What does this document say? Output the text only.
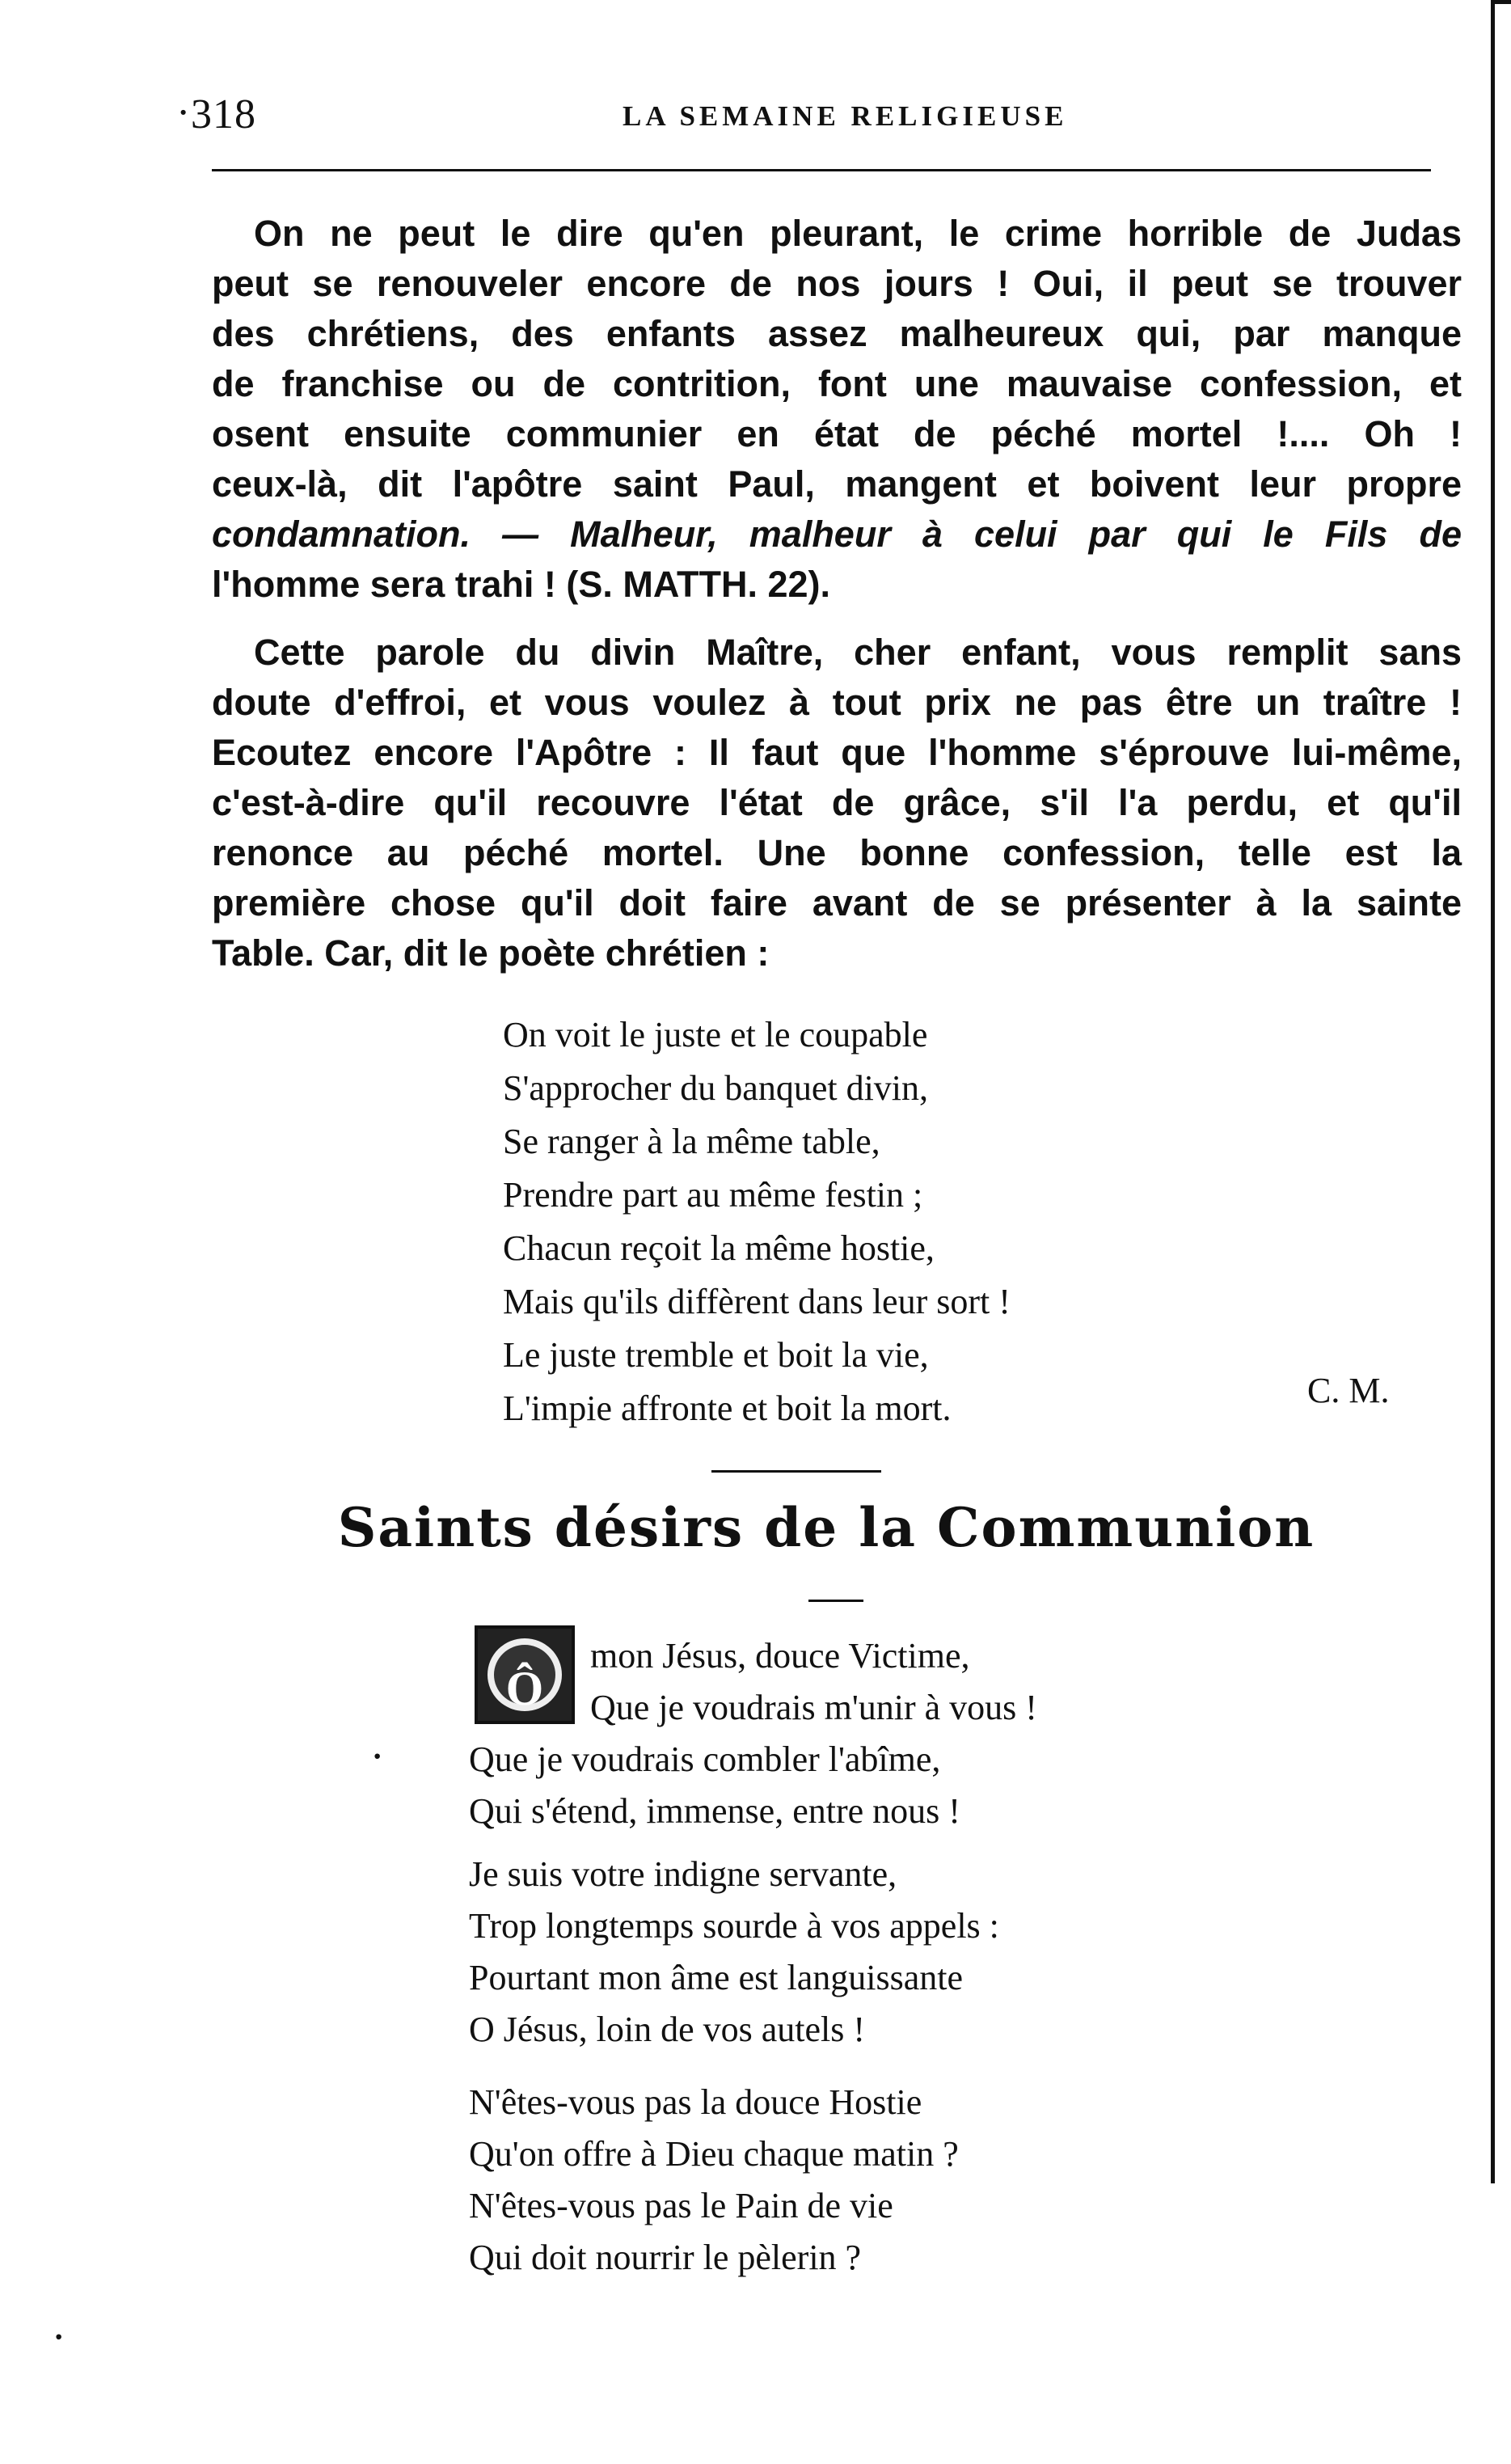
· 318	LA SEMAINE RELIGIEUSE
On ne peut le dire qu'en pleurant, le crime horrible de Judas
peut se renouveler encore de nos jours ! Oui, il peut se trouver
des chrétiens, des enfants assez malheureux qui, par manque
de franchise ou de contrition, font une mauvaise confession, et
osent ensuite communier en état de péché mortel !.... Oh !
ceux-là, dit l'apôtre saint Paul, mangent et boivent leur propre
condamnation. — Malheur, malheur à celui par qui le Fils de
l'homme sera trahi ! (S. MATTH. 22).
Cette parole du divin Maître, cher enfant, vous remplit sans
doute d'effroi, et vous voulez à tout prix ne pas être un traître !
Ecoutez encore l'Apôtre : Il faut que l'homme s'éprouve lui-même,
c'est-à-dire qu'il recouvre l'état de grâce, s'il l'a perdu, et qu'il
renonce au péché mortel. Une bonne confession, telle est la
première chose qu'il doit faire avant de se présenter à la sainte
Table. Car, dit le poète chrétien :
On voit le juste et le coupable
S'approcher du banquet divin,
Se ranger à la même table,
Prendre part au même festin ;
Chacun reçoit la même hostie,
Mais qu'ils diffèrent dans leur sort !
Le juste tremble et boit la vie,
L'impie affronte et boit la mort.	C. M.
Saints désirs de la Communion
Ô
mon Jésus, douce Victime,
Que je voudrais m'unir à vous !
Que je voudrais combler l'abîme,
Qui s'étend, immense, entre nous !
·
Je suis votre indigne servante,
Trop longtemps sourde à vos appels :
Pourtant mon âme est languissante
O Jésus, loin de vos autels !
N'êtes-vous pas la douce Hostie
Qu'on offre à Dieu chaque matin ?
N'êtes-vous pas le Pain de vie
Qui doit nourrir le pèlerin ?
·
